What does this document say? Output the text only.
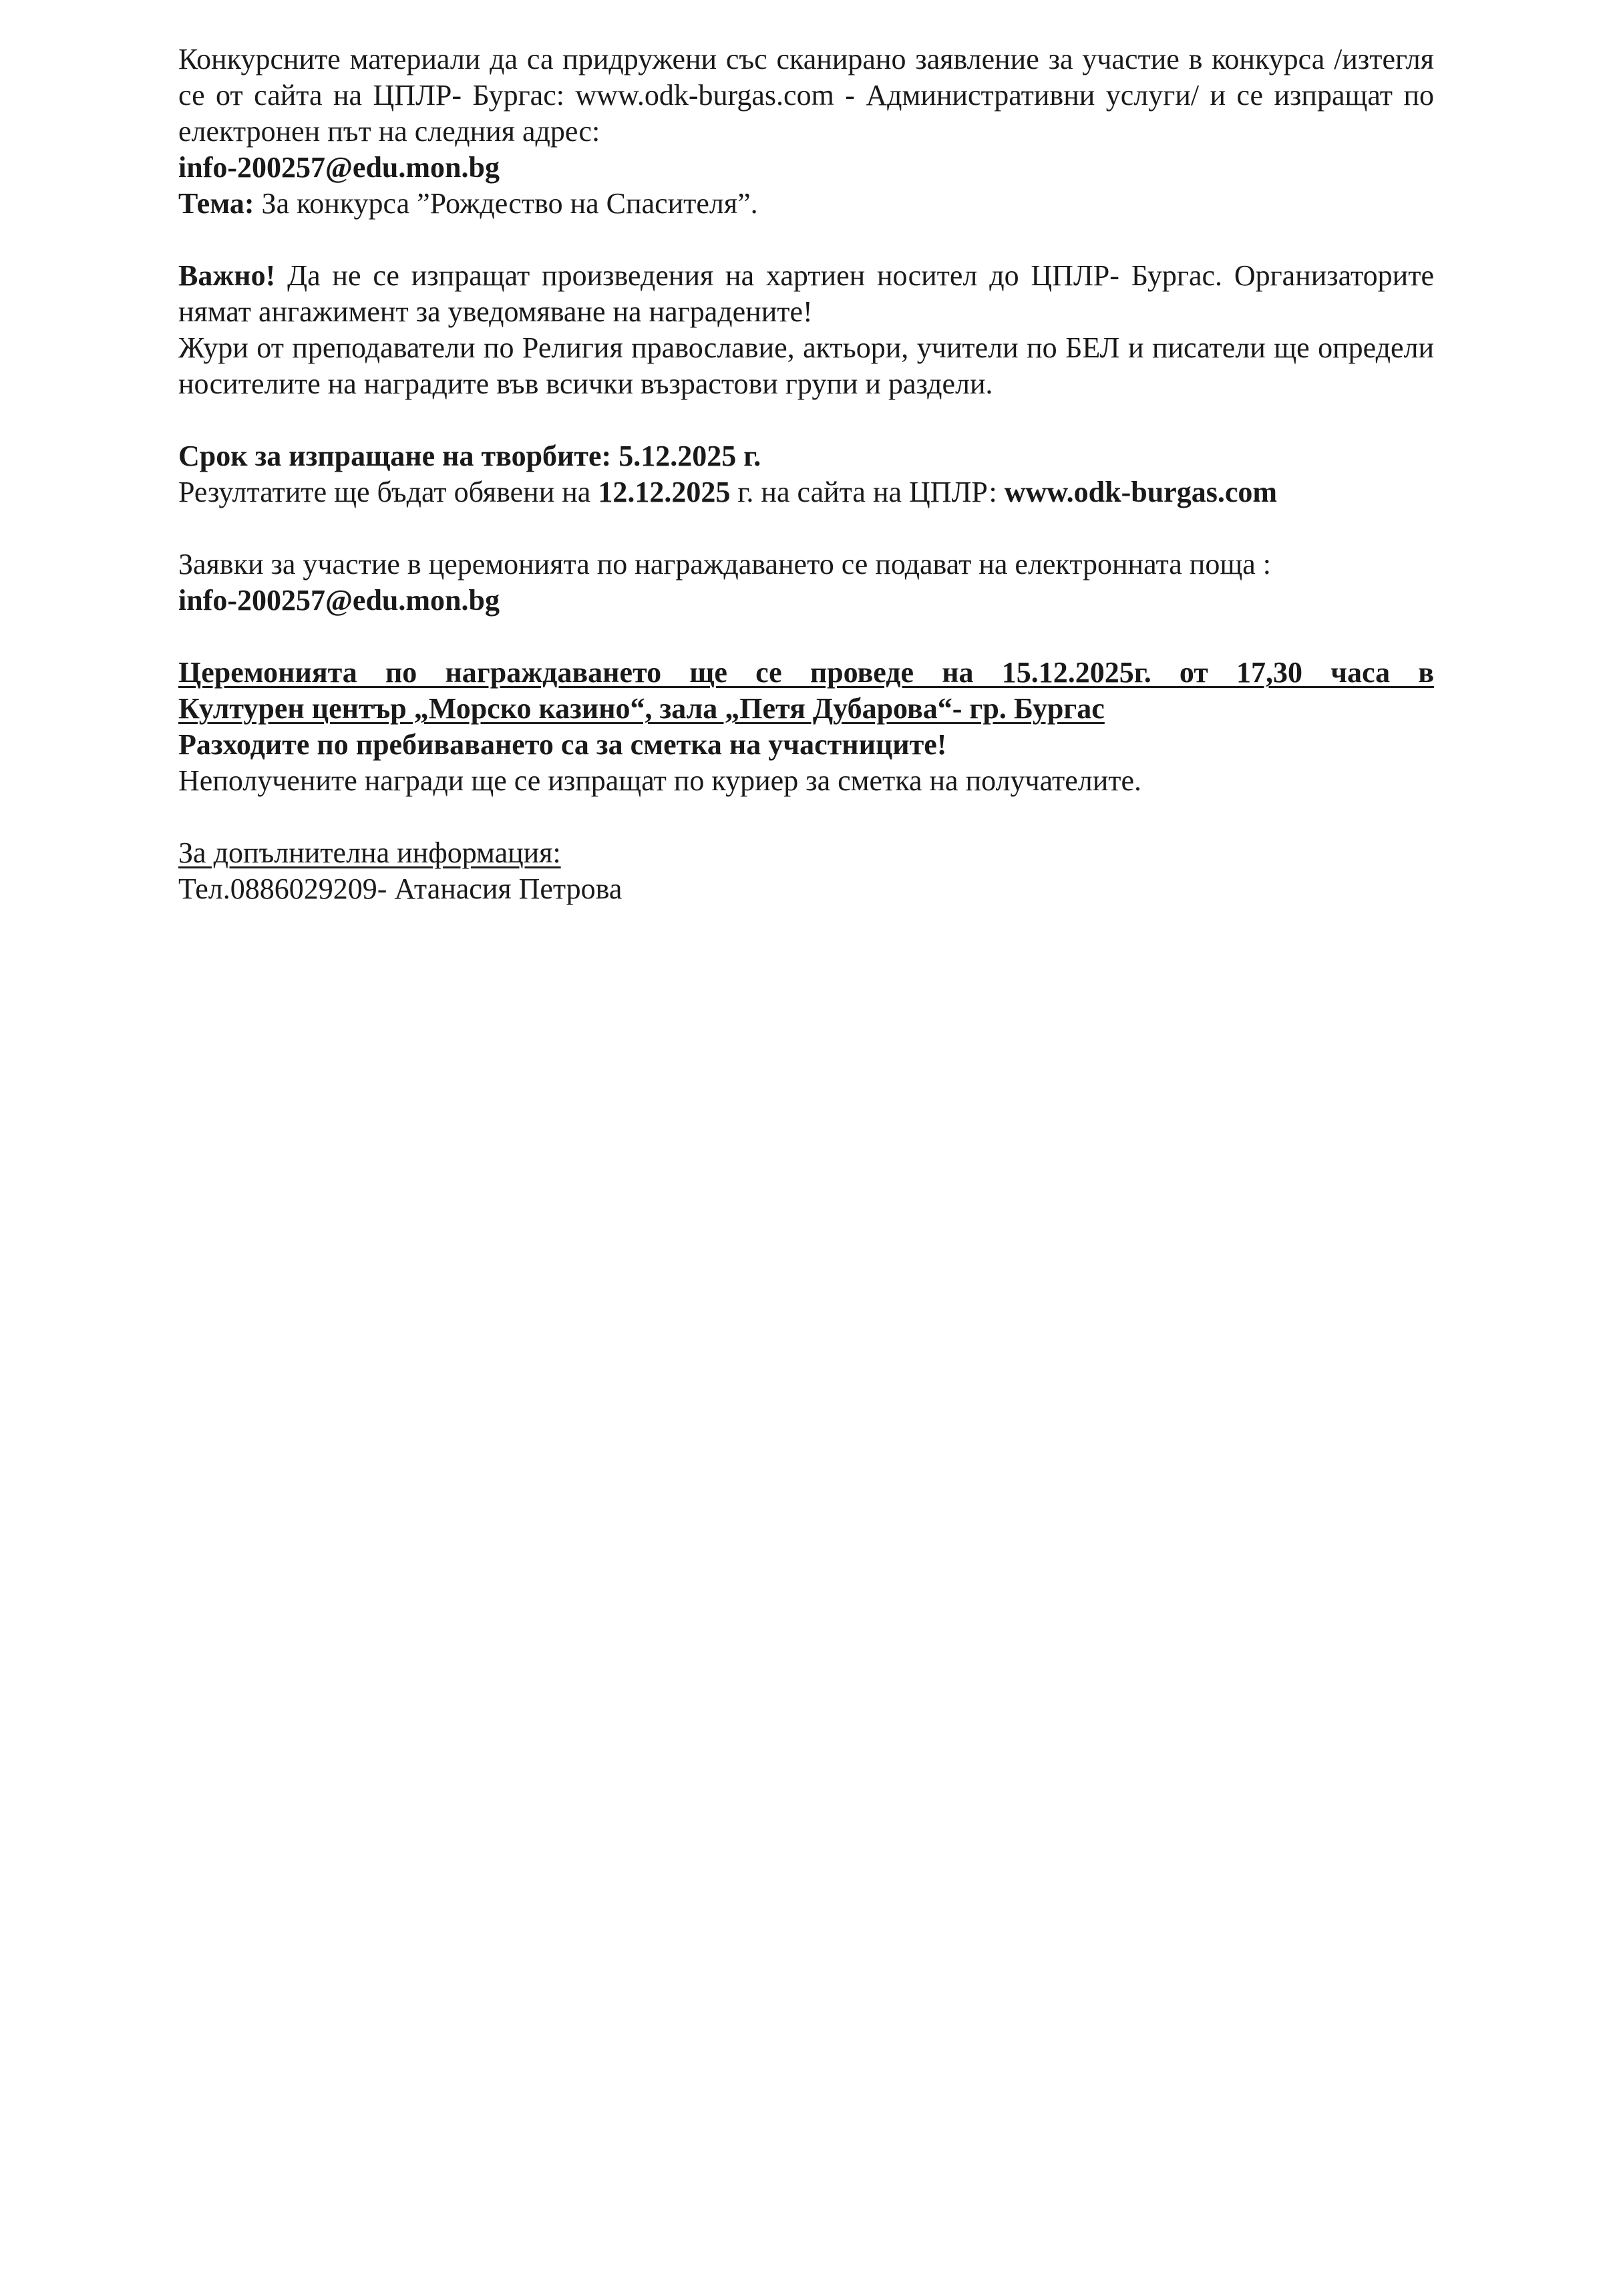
Конкурсните материали да са придружени със сканирано заявление за участие в конкурса /изтегля се от сайта на ЦПЛР- Бургас: www.odk-burgas.com - Административни услуги/ и се изпращат по електронен път на следния адрес:

info-200257@edu.mon.bg

Тема: За конкурса ”Рождество на Спасителя”.

Важно! Да не се изпращат произведения на хартиен носител до ЦПЛР- Бургас. Организаторите нямат ангажимент за уведомяване на наградените!

Жури от преподаватели по Религия православие, актьори, учители по БЕЛ и писатели ще определи носителите на наградите във всички възрастови групи и раздели.

Срок за изпращане на творбите: 5.12.2025 г.

Резултатите ще бъдат обявени на 12.12.2025 г. на сайта на ЦПЛР: www.odk-burgas.com

Заявки за участие в церемонията по награждаването се подават на електронната поща :

info-200257@edu.mon.bg

Церемонията по награждаването ще се проведе на 15.12.2025г. от 17,30 часа в

Културен център „Морско казино“, зала „Петя Дубарова“- гр. Бургас

Разходите по пребиваването са за сметка на участниците!

Неполучените награди ще се изпращат по куриер за сметка на получателите.

За допълнителна информация:

Тел.0886029209- Атанасия Петрова
